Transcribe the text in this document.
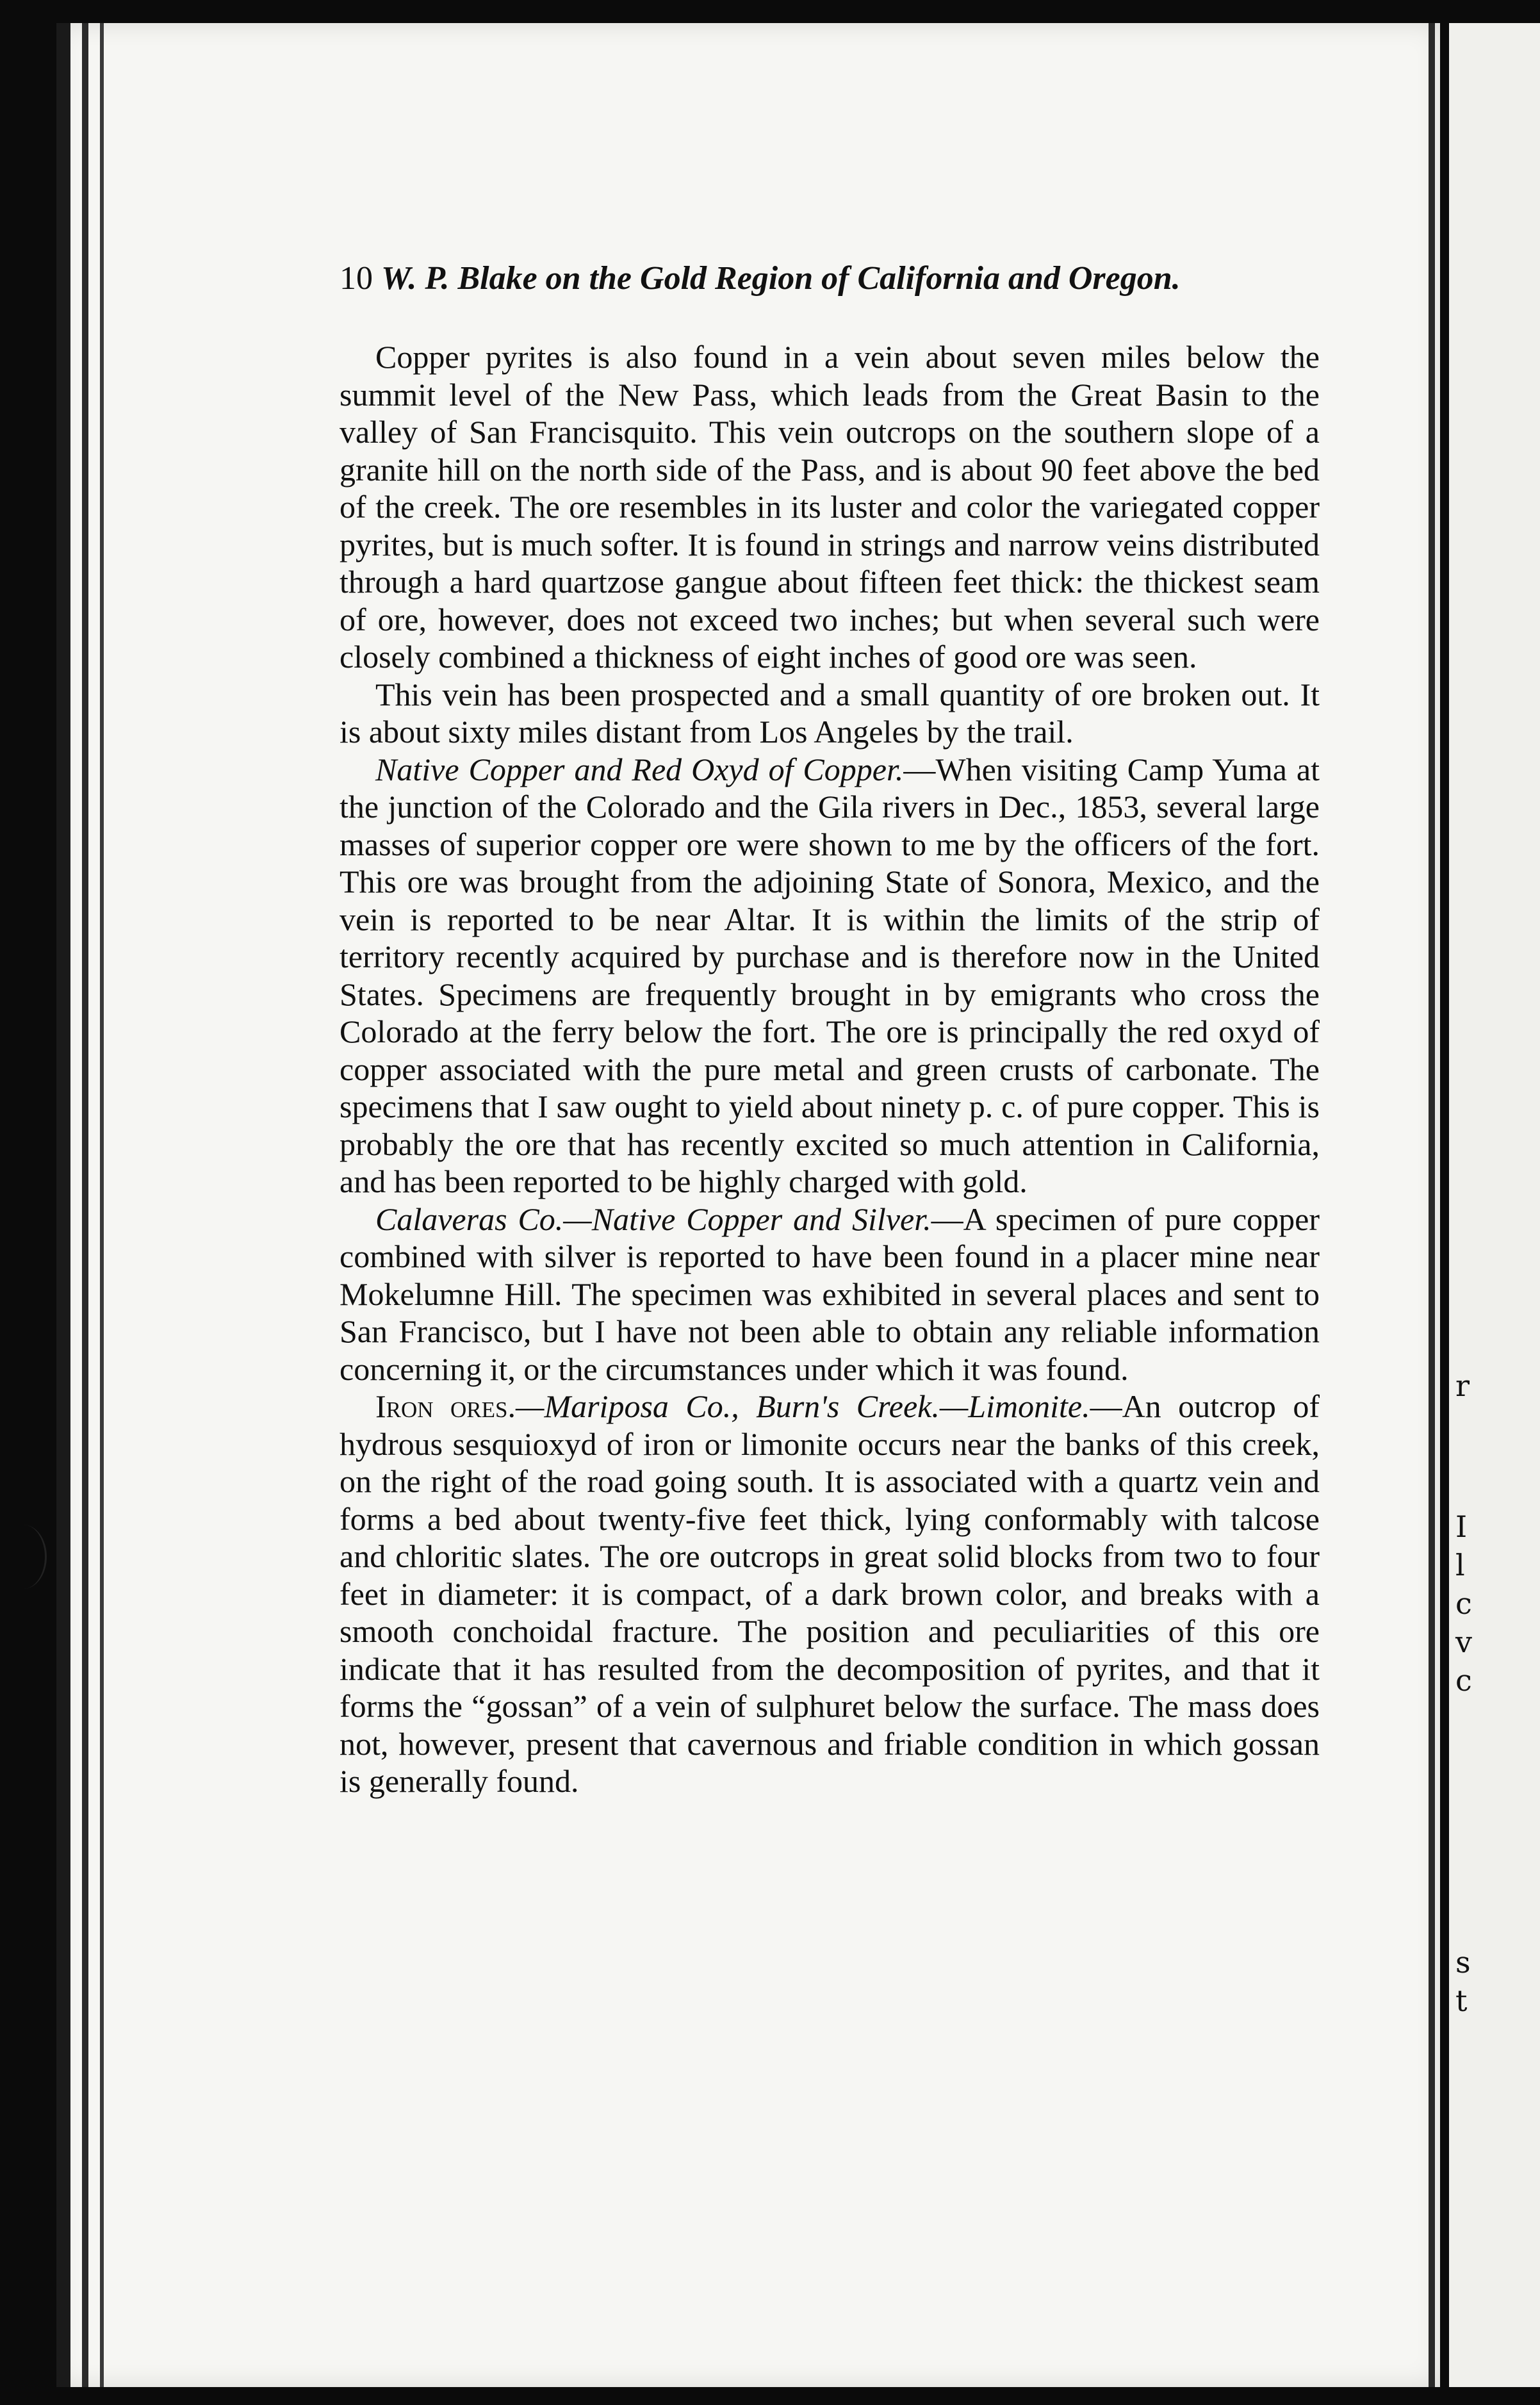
r
I
l
c
v
c
s
t
10 W. P. Blake on the Gold Region of California and Oregon.

Copper pyrites is also found in a vein about seven miles below the summit level of the New Pass, which leads from the Great Basin to the valley of San Francisquito. This vein outcrops on the southern slope of a granite hill on the north side of the Pass, and is about 90 feet above the bed of the creek. The ore resembles in its luster and color the variegated copper pyrites, but is much softer. It is found in strings and narrow veins distributed through a hard quartzose gangue about fifteen feet thick: the thickest seam of ore, however, does not exceed two inches; but when several such were closely combined a thickness of eight inches of good ore was seen.

This vein has been prospected and a small quantity of ore broken out. It is about sixty miles distant from Los Angeles by the trail.

Native Copper and Red Oxyd of Copper.—When visiting Camp Yuma at the junction of the Colorado and the Gila rivers in Dec., 1853, several large masses of superior copper ore were shown to me by the officers of the fort. This ore was brought from the adjoining State of Sonora, Mexico, and the vein is reported to be near Altar. It is within the limits of the strip of territory recently acquired by purchase and is therefore now in the United States. Specimens are frequently brought in by emigrants who cross the Colorado at the ferry below the fort. The ore is principally the red oxyd of copper associated with the pure metal and green crusts of carbonate. The specimens that I saw ought to yield about ninety p. c. of pure copper. This is probably the ore that has recently excited so much attention in California, and has been reported to be highly charged with gold.

Calaveras Co.—Native Copper and Silver.—A specimen of pure copper combined with silver is reported to have been found in a placer mine near Mokelumne Hill. The specimen was exhibited in several places and sent to San Francisco, but I have not been able to obtain any reliable information concerning it, or the circumstances under which it was found.

Iron ores.—Mariposa Co., Burn's Creek.—Limonite.—An outcrop of hydrous sesquioxyd of iron or limonite occurs near the banks of this creek, on the right of the road going south. It is associated with a quartz vein and forms a bed about twenty-five feet thick, lying conformably with talcose and chloritic slates. The ore outcrops in great solid blocks from two to four feet in diameter: it is compact, of a dark brown color, and breaks with a smooth conchoidal fracture. The position and peculiarities of this ore indicate that it has resulted from the decomposition of pyrites, and that it forms the “gossan” of a vein of sulphuret below the surface. The mass does not, however, present that cavernous and friable condition in which gossan is generally found.
